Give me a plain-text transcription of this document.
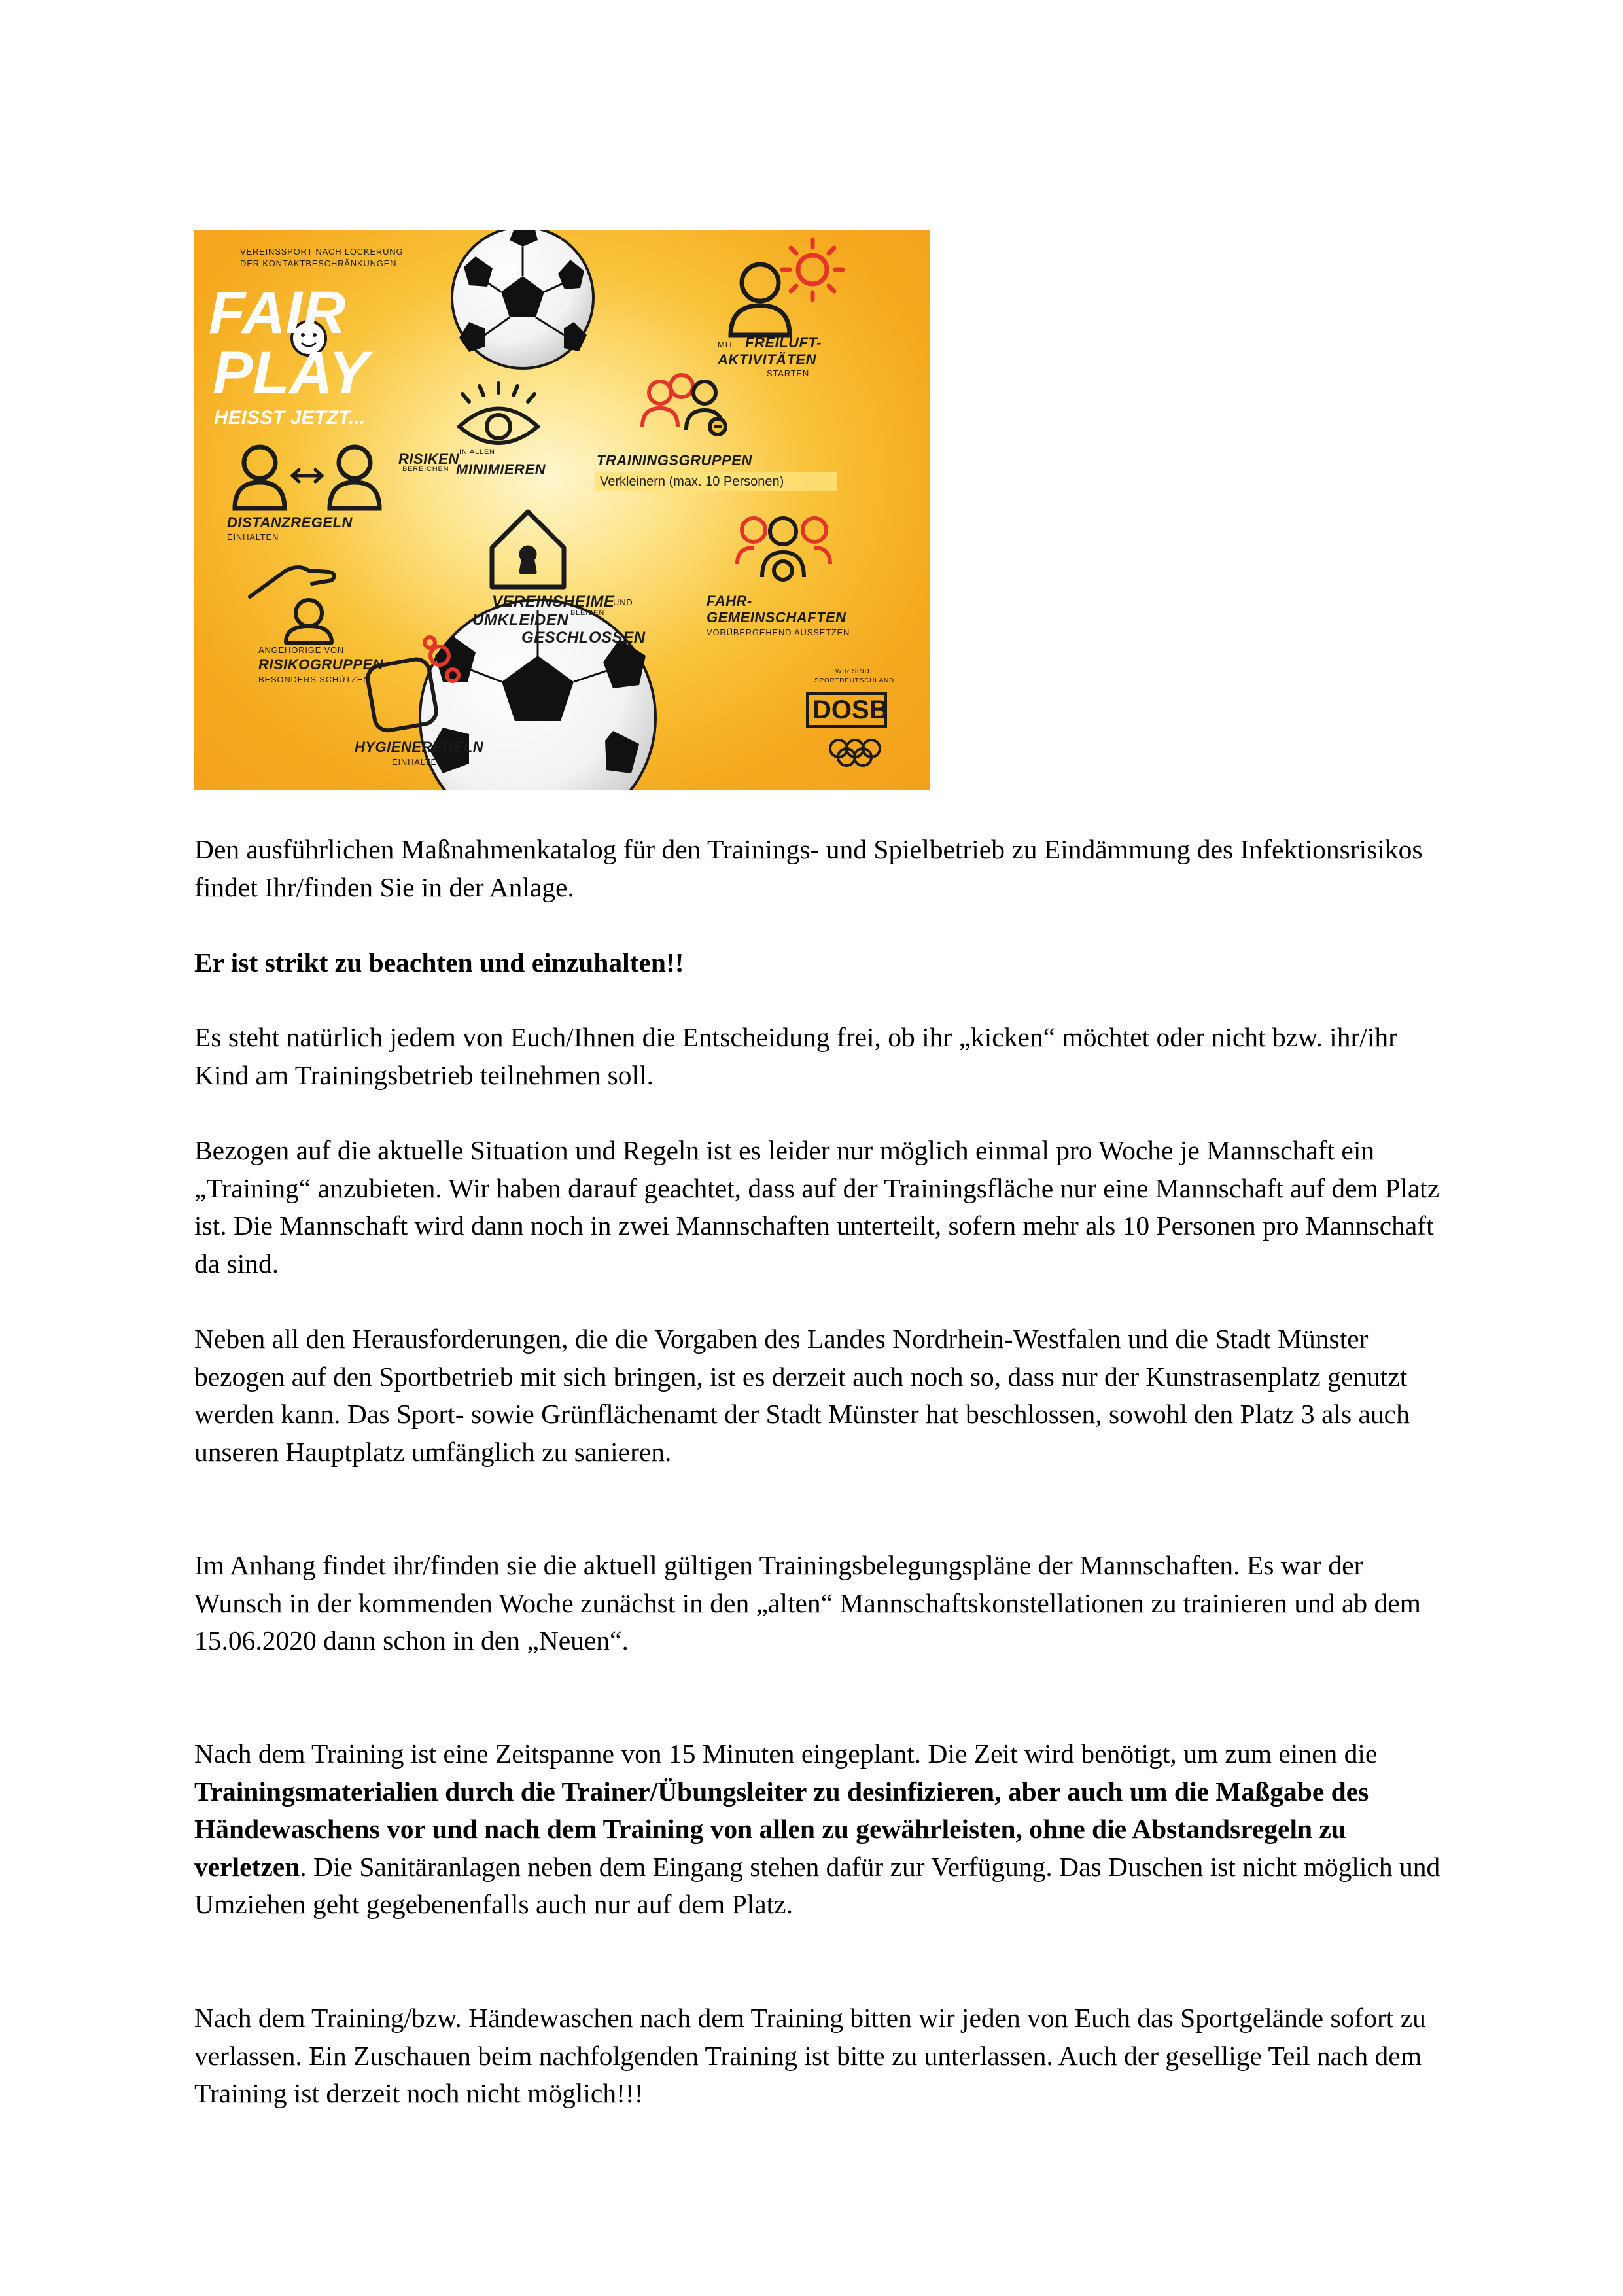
VEREINSSPORT NACH LOCKERUNG
DER KONTAKTBESCHRÄNKUNGEN
FAIR
PLAY
HEISST JETZT...
MIT FREILUFT-
AKTIVITÄTEN
STARTEN
RISIKEN IN ALLEN
BEREICHEN MINIMIEREN
TRAININGSGRUPPEN
Verkleinern (max. 10 Personen)
DISTANZREGELN
EINHALTEN
VEREINSHEIME
UND
UMKLEIDEN BLEIBEN
GESCHLOSSEN
FAHR-
GEMEINSCHAFTEN
VORÜBERGEHEND AUSSETZEN
ANGEHÖRIGE VON
RISIKOGRUPPEN
BESONDERS SCHÜTZEN
HYGIENEREGELN
EINHALTEN
WIR SIND
SPORTDEUTSCHLAND
DOSB

Den ausführlichen Maßnahmenkatalog für den Trainings- und Spielbetrieb zu Eindämmung des Infektionsrisikos findet Ihr/finden Sie in der Anlage.

Er ist strikt zu beachten und einzuhalten!!

Es steht natürlich jedem von Euch/Ihnen die Entscheidung frei, ob ihr „kicken“ möchtet oder nicht bzw. ihr/ihr Kind am Trainingsbetrieb teilnehmen soll.

Bezogen auf die aktuelle Situation und Regeln ist es leider nur möglich einmal pro Woche je Mannschaft ein „Training“ anzubieten. Wir haben darauf geachtet, dass auf der Trainingsfläche nur eine Mannschaft auf dem Platz ist. Die Mannschaft wird dann noch in zwei Mannschaften unterteilt, sofern mehr als 10 Personen pro Mannschaft da sind.

Neben all den Herausforderungen, die die Vorgaben des Landes Nordrhein-Westfalen und die Stadt Münster bezogen auf den Sportbetrieb mit sich bringen, ist es derzeit auch noch so, dass nur der Kunstrasenplatz genutzt werden kann. Das Sport- sowie Grünflächenamt der Stadt Münster hat beschlossen, sowohl den Platz 3 als auch unseren Hauptplatz umfänglich zu sanieren.

Im Anhang findet ihr/finden sie die aktuell gültigen Trainingsbelegungspläne der Mannschaften. Es war der Wunsch in der kommenden Woche zunächst in den „alten“ Mannschaftskonstellationen zu trainieren und ab dem 15.06.2020 dann schon in den „Neuen“.

Nach dem Training ist eine Zeitspanne von 15 Minuten eingeplant. Die Zeit wird benötigt, um zum einen die Trainingsmaterialien durch die Trainer/Übungsleiter zu desinfizieren, aber auch um die Maßgabe des Händewaschens vor und nach dem Training von allen zu gewährleisten, ohne die Abstandsregeln zu verletzen. Die Sanitäranlagen neben dem Eingang stehen dafür zur Verfügung. Das Duschen ist nicht möglich und Umziehen geht gegebenenfalls auch nur auf dem Platz.

Nach dem Training/bzw. Händewaschen nach dem Training bitten wir jeden von Euch das Sportgelände sofort zu verlassen. Ein Zuschauen beim nachfolgenden Training ist bitte zu unterlassen. Auch der gesellige Teil nach dem Training ist derzeit noch nicht möglich!!!
